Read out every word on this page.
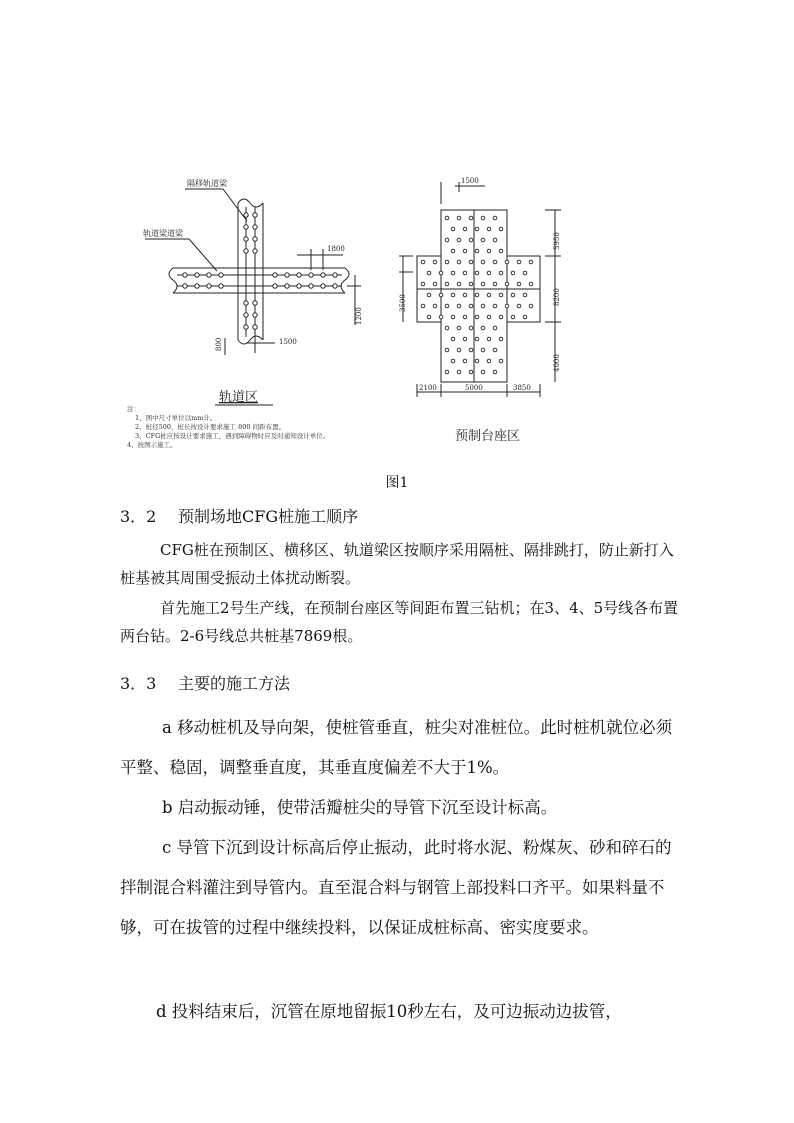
隔移轨道梁
轨道梁道梁
1800
1500
1200
800
轨道区
注：
1、图中尺寸单位以mm计。
2、桩径500，桩长按设计要求施工 800 间距布置。
3、CFG桩应按设计要求施工，遇到障碍物时应及时通知设计单位。
4、按图示施工。
1500
5950
8200
4000
3500
2100	5000	3850
预制台座区
图1
3．2 预制场地CFG桩施工顺序
CFG桩在预制区、横移区、轨道梁区按顺序采用隔桩、隔排跳打，防止新打入桩基被其周围受振动土体扰动断裂。
首先施工2号生产线，在预制台座区等间距布置三钻机；在3、4、5号线各布置两台钻。2-6号线总共桩基7869根。
3．3 主要的施工方法
a 移动桩机及导向架，使桩管垂直，桩尖对准桩位。此时桩机就位必须平整、稳固，调整垂直度，其垂直度偏差不大于1%。
b 启动振动锤，使带活瓣桩尖的导管下沉至设计标高。
c 导管下沉到设计标高后停止振动，此时将水泥、粉煤灰、砂和碎石的拌制混合料灌注到导管内。直至混合料与钢管上部投料口齐平。如果料量不够，可在拔管的过程中继续投料，以保证成桩标高、密实度要求。
d 投料结束后，沉管在原地留振10秒左右，及可边振动边拔管，
